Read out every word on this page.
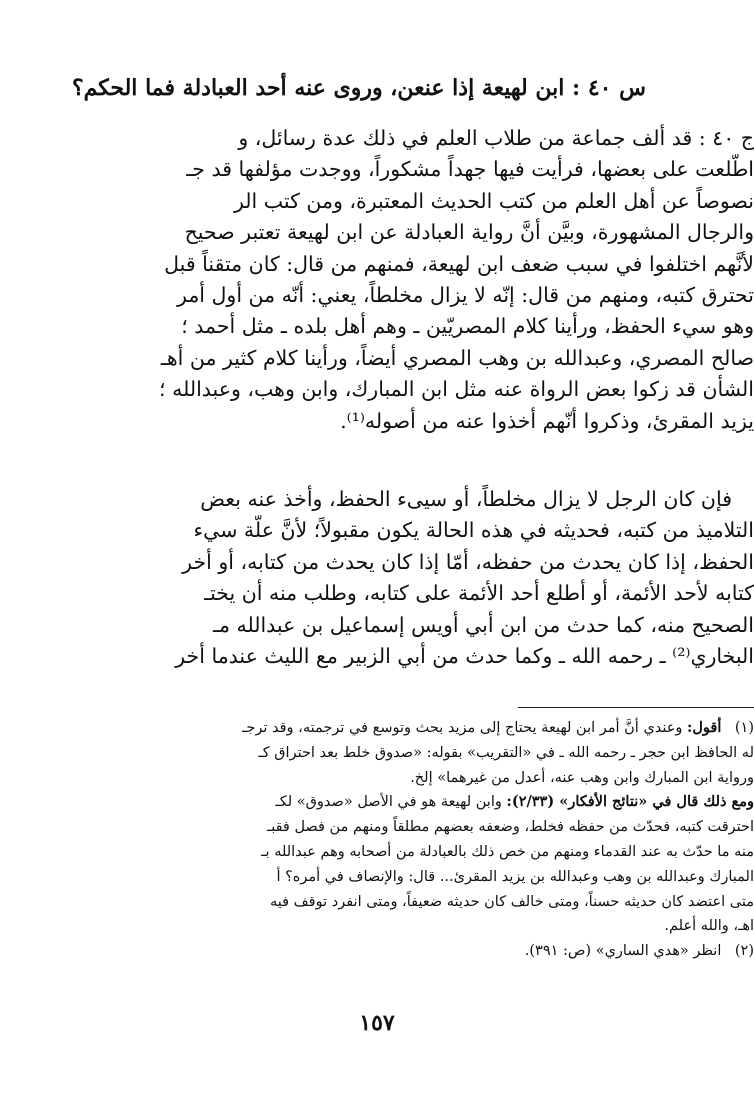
س ٤٠ : ابن لهيعة إذا عنعن، وروى عنه أحد العبادلة فما الحكم؟
ج ٤٠ : قد ألف جماعة من طلاب العلم في ذلك عدة رسائل، و
اطّلعت على بعضها، فرأيت فيها جهداً مشكوراً، ووجدت مؤلفها قد جـ
نصوصاً عن أهل العلم من كتب الحديث المعتبرة، ومن كتب الر
والرجال المشهورة، وبيَّن أنَّ رواية العبادلة عن ابن لهيعة تعتبر صحيح
لأنَّهم اختلفوا في سبب ضعف ابن لهيعة، فمنهم من قال: كان متقناً قبل
تحترق كتبه، ومنهم من قال: إنّه لا يزال مخلطاً، يعني: أنّه من أول أمر
وهو سيء الحفظ، ورأينا كلام المصريّين ـ وهم أهل بلده ـ مثل أحمد ؛
صالح المصري، وعبدالله بن وهب المصري أيضاً، ورأينا كلام كثير من أهـ
الشأن قد زكوا بعض الرواة عنه مثل ابن المبارك، وابن وهب، وعبدالله ؛
يزيد المقرئ، وذكروا أنّهم أخذوا عنه من أصوله⁽¹⁾.
فإن كان الرجل لا يزال مخلطاً، أو سيىء الحفظ، وأخذ عنه بعض
التلاميذ من كتبه، فحديثه في هذه الحالة يكون مقبولاً؛ لأنَّ علّة سيء
الحفظ، إذا كان يحدث من حفظه، أمّا إذا كان يحدث من كتابه، أو أخر
كتابه لأحد الأئمة، أو أطلع أحد الأئمة على كتابه، وطلب منه أن يختـ
الصحيح منه، كما حدث من ابن أبي أويس إسماعيل بن عبدالله مـ
البخاري⁽²⁾ ـ رحمه الله ـ وكما حدث من أبي الزبير مع الليث عندما أخر
(١) أقول: وعندي أنَّ أمر ابن لهيعة يحتاج إلى مزيد بحث وتوسع في ترجمته، وقد ترجـ
له الحافظ ابن حجر ـ رحمه الله ـ في «التقريب» بقوله: «صدوق خلط بعد احتراق كـ
ورواية ابن المبارك وابن وهب عنه، أعدل من غيرهما» إلخ.
ومع ذلك قال في «نتائج الأفكار» (٢/٣٣): وابن لهيعة هو في الأصل «صدوق» لكـ
احترقت كتبه، فحدّث من حفظه فخلط، وضعفه بعضهم مطلقاً ومنهم من فصل فقبـ
منه ما حدّث به عند القدماء ومنهم من خص ذلك بالعبادلة من أصحابه وهم عبدالله بـ
المبارك وعبدالله بن وهب وعبدالله بن يزيد المقرئ... قال: والإنصاف في أمره؟ أ
متى اعتضد كان حديثه حسناً، ومتى خالف كان حديثه ضعيفاً، ومتى انفرد توقف فيه
اهـ، والله أعلم.
(٢) انظر «هدي الساري» (ص: ٣٩١).
١٥٧
